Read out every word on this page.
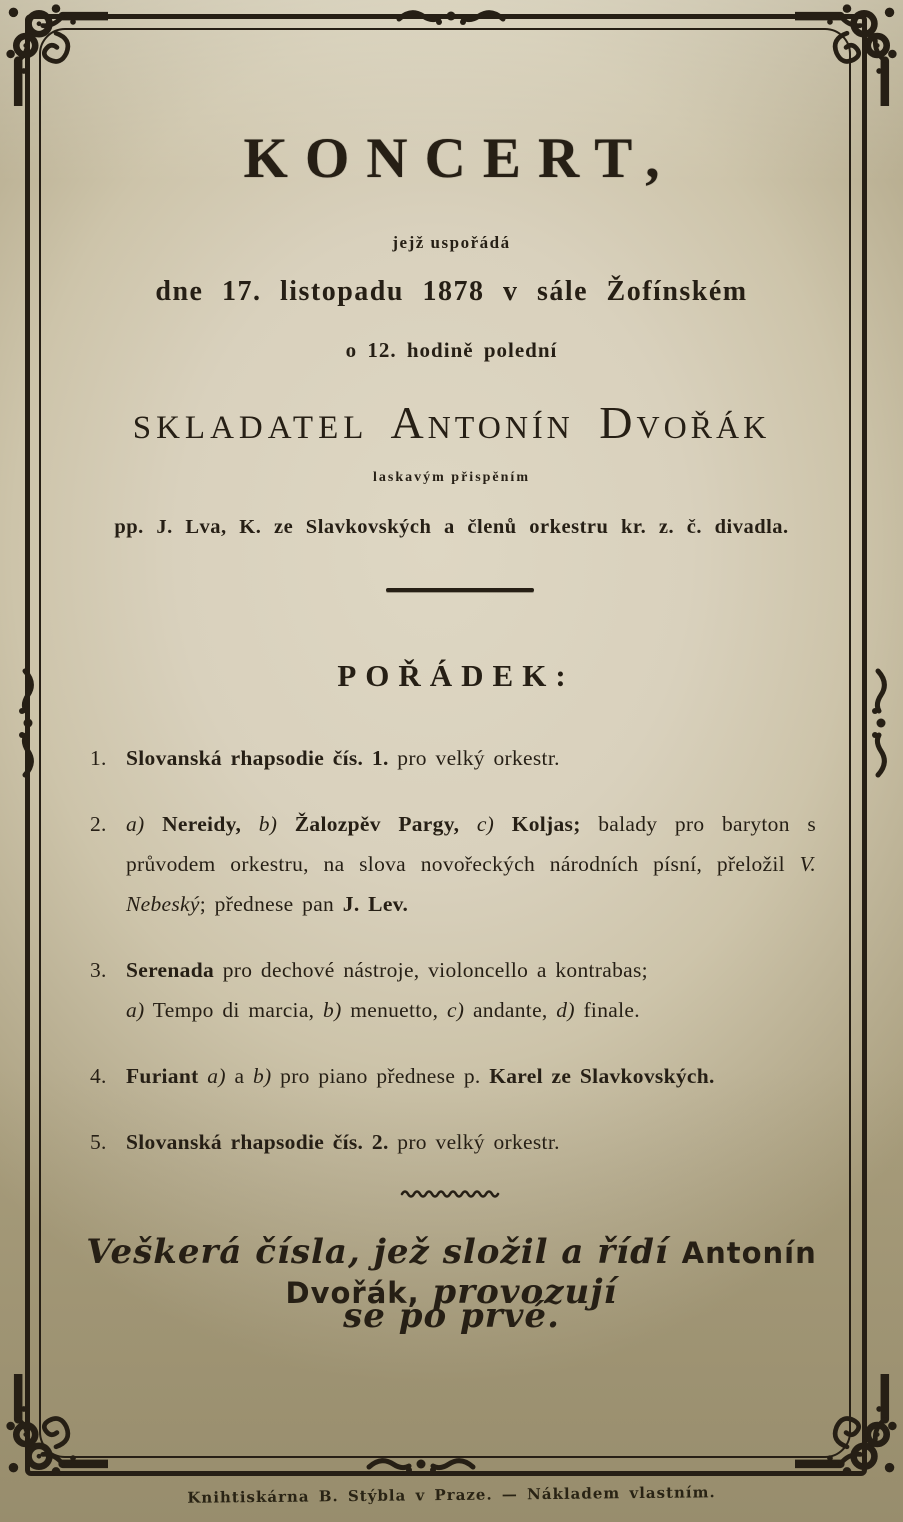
KONCERT,
jejž uspořádá
dne 17. listopadu 1878 v sále Žofínském
o 12. hodině polední
SKLADATEL Antonín Dvořák
laskavým přispěním
pp. J. Lva, K. ze Slavkovských a členů orkestru kr. z. č. divadla.
POŘÁDEK:
1. Slovanská rhapsodie čís. 1. pro velký orkestr.
2. a) Nereidy, b) Žalozpěv Pargy, c) Koljas; balady pro baryton s průvodem orkestru, na slova novořeckých národních písní, přeložil V. Nebeský; přednese pan J. Lev.
3. Serenada pro dechové nástroje, violoncello a kontrabas;
a) Tempo di marcia, b) menuetto, c) andante, d) finale.
4. Furiant a) a b) pro piano přednese p. Karel ze Slavkovských.
5. Slovanská rhapsodie čís. 2. pro velký orkestr.
Veškerá čísla, jež složil a řídí Antonín Dvořák, provozují
se po prvé.
Knihtiskárna B. Stýbla v Praze. — Nákladem vlastním.
